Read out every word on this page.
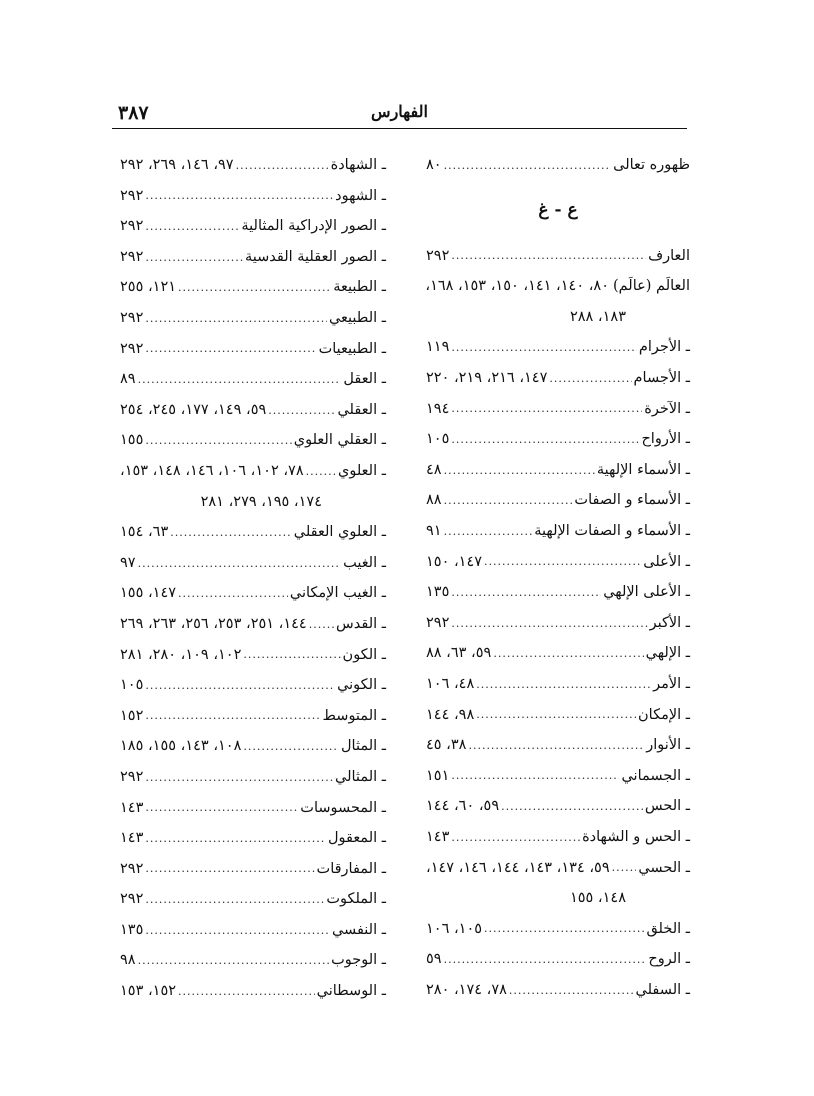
٣٨٧	الفهارس
ظهوره تعالى
.....
٨٠
ع - غ
العارف
.....
٢٩٢
العالَم (عالَم)
٨٠، ١٤٠، ١٤١، ١٥٠، ١٥٣، ١٦٨،
١٨٣، ٢٨٨
ـ الأجرام
.....
١١٩
ـ الأجسام
.....
١٤٧، ٢١٦، ٢١٩، ٢٢٠
ـ الآخرة
.....
١٩٤
ـ الأرواح
.....
١٠٥
ـ الأسماء الإلهية
.....
٤٨
ـ الأسماء و الصفات
.....
٨٨
ـ الأسماء و الصفات الإلهية
.....
٩١
ـ الأعلى
.....
١٤٧، ١٥٠
ـ الأعلى الإلهي
.....
١٣٥
ـ الأكبر
.....
٢٩٢
ـ الإلهي
.....
٥٩، ٦٣، ٨٨
ـ الأمر
.....
٤٨، ١٠٦
ـ الإمكان
.....
٩٨، ١٤٤
ـ الأنوار
.....
٣٨، ٤٥
ـ الجسماني
.....
١٥١
ـ الحس
.....
٥٩، ٦٠، ١٤٤
ـ الحس و الشهادة
.....
١٤٣
ـ الحسي
.....
٥٩، ١٣٤، ١٤٣، ١٤٤، ١٤٦، ١٤٧،
١٤٨، ١٥٥
ـ الخلق
.....
١٠٥، ١٠٦
ـ الروح
.....
٥٩
ـ السفلي
.....
٧٨، ١٧٤، ٢٨٠
ـ الشهادة
.....
٩٧، ١٤٦، ٢٦٩، ٢٩٢
ـ الشهود
.....
٢٩٢
ـ الصور الإدراكية المثالية
.....
٢٩٢
ـ الصور العقلية القدسية
.....
٢٩٢
ـ الطبيعة
.....
١٢١، ٢٥٥
ـ الطبيعي
.....
٢٩٢
ـ الطبيعيات
.....
٢٩٢
ـ العقل
.....
٨٩
ـ العقلي
.....
٥٩، ١٤٩، ١٧٧، ٢٤٥، ٢٥٤
ـ العقلي العلوي
.....
١٥٥
ـ العلوي
.....
٧٨، ١٠٢، ١٠٦، ١٤٦، ١٤٨، ١٥٣،
١٧٤، ١٩٥، ٢٧٩، ٢٨١
ـ العلوي العقلي
.....
٦٣، ١٥٤
ـ الغيب
.....
٩٧
ـ الغيب الإمكاني
.....
١٤٧، ١٥٥
ـ القدس
.....
١٤٤، ٢٥١، ٢٥٣، ٢٥٦، ٢٦٣، ٢٦٩
ـ الكون
.....
١٠٢، ١٠٩، ٢٨٠، ٢٨١
ـ الكوني
.....
١٠٥
ـ المتوسط
.....
١٥٢
ـ المثال
.....
١٠٨، ١٤٣، ١٥٥، ١٨٥
ـ المثالي
.....
٢٩٢
ـ المحسوسات
.....
١٤٣
ـ المعقول
.....
١٤٣
ـ المفارقات
.....
٢٩٢
ـ الملكوت
.....
٢٩٢
ـ النفسي
.....
١٣٥
ـ الوجوب
.....
٩٨
ـ الوسطاني
.....
١٥٢، ١٥٣
